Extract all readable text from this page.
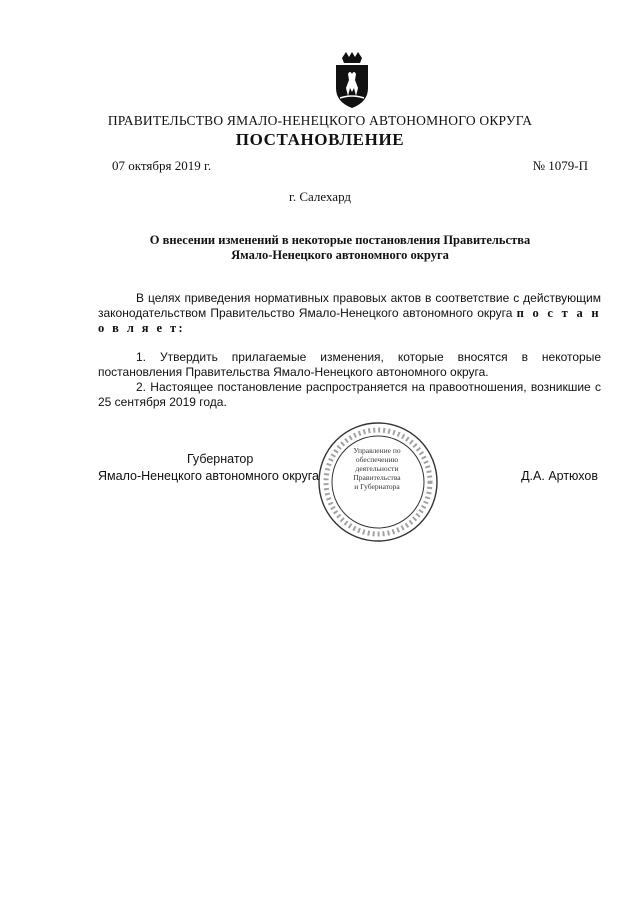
ПРАВИТЕЛЬСТВО ЯМАЛО-НЕНЕЦКОГО АВТОНОМНОГО ОКРУГА
ПОСТАНОВЛЕНИЕ
07 октября 2019 г.	№ 1079-П
г. Салехард
О внесении изменений в некоторые постановления Правительства
Ямало-Ненецкого автономного округа
В целях приведения нормативных правовых актов в соответствие с действующим законодательством Правительство Ямало-Ненецкого автономного округа п о с т а н о в л я е т:
1. Утвердить прилагаемые изменения, которые вносятся в некоторые постановления Правительства Ямало-Ненецкого автономного округа.
2. Настоящее постановление распространяется на правоотношения, возникшие с 25 сентября 2019 года.
Губернатор
Ямало-Ненецкого автономного округа	Д.А. Артюхов
Управление по
обеспечению
деятельности
Правительства
и Губернатора
